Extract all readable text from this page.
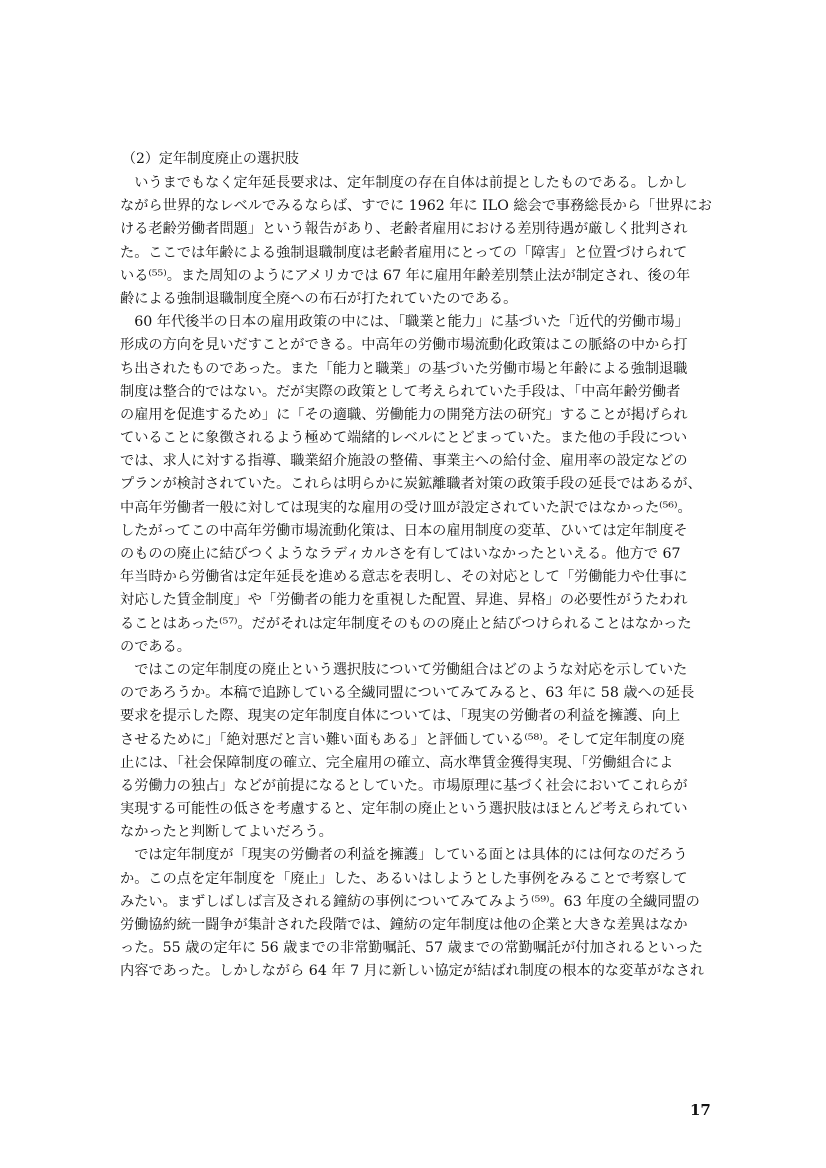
（2）定年制度廃止の選択肢
　いうまでもなく定年延長要求は、定年制度の存在自体は前提としたものである。しかし
ながら世界的なレベルでみるならば、すでに 1962 年に ILO 総会で事務総長から「世界にお
ける老齢労働者問題」という報告があり、老齢者雇用における差別待遇が厳しく批判され
た。ここでは年齢による強制退職制度は老齢者雇用にとっての「障害」と位置づけられて
いる⁽⁵⁵⁾。また周知のようにアメリカでは 67 年に雇用年齢差別禁止法が制定され、後の年
齢による強制退職制度全廃への布石が打たれていたのである。
　60 年代後半の日本の雇用政策の中には、「職業と能力」に基づいた「近代的労働市場」
形成の方向を見いだすことができる。中高年の労働市場流動化政策はこの脈絡の中から打
ち出されたものであった。また「能力と職業」の基づいた労働市場と年齢による強制退職
制度は整合的ではない。だが実際の政策として考えられていた手段は、「中高年齢労働者
の雇用を促進するため」に「その適職、労働能力の開発方法の研究」することが掲げられ
ていることに象徴されるよう極めて端緒的レベルにとどまっていた。また他の手段につい
では、求人に対する指導、職業紹介施設の整備、事業主への給付金、雇用率の設定などの
プランが検討されていた。これらは明らかに炭鉱離職者対策の政策手段の延長ではあるが、
中高年労働者一般に対しては現実的な雇用の受け皿が設定されていた訳ではなかった⁽⁵⁶⁾。
したがってこの中高年労働市場流動化策は、日本の雇用制度の変革、ひいては定年制度そ
のものの廃止に結びつくようなラディカルさを有してはいなかったといえる。他方で 67
年当時から労働省は定年延長を進める意志を表明し、その対応として「労働能力や仕事に
対応した賃金制度」や「労働者の能力を重視した配置、昇進、昇格」の必要性がうたわれ
ることはあった⁽⁵⁷⁾。だがそれは定年制度そのものの廃止と結びつけられることはなかった
のである。
　ではこの定年制度の廃止という選択肢について労働組合はどのような対応を示していた
のであろうか。本稿で追跡している全繊同盟についてみてみると、63 年に 58 歳への延長
要求を提示した際、現実の定年制度自体については、「現実の労働者の利益を擁護、向上
させるために」「絶対悪だと言い難い面もある」と評価している⁽⁵⁸⁾。そして定年制度の廃
止には、「社会保障制度の確立、完全雇用の確立、高水準賃金獲得実現、「労働組合によ
る労働力の独占」などが前提になるとしていた。市場原理に基づく社会においてこれらが
実現する可能性の低さを考慮すると、定年制の廃止という選択肢はほとんど考えられてい
なかったと判断してよいだろう。
　では定年制度が「現実の労働者の利益を擁護」している面とは具体的には何なのだろう
か。この点を定年制度を「廃止」した、あるいはしようとした事例をみることで考察して
みたい。まずしばしば言及される鐘紡の事例についてみてみよう⁽⁵⁹⁾。63 年度の全繊同盟の
労働協約統一闘争が集計された段階では、鐘紡の定年制度は他の企業と大きな差異はなか
った。55 歳の定年に 56 歳までの非常勤嘱託、57 歳までの常勤嘱託が付加されるといった
内容であった。しかしながら 64 年 7 月に新しい協定が結ばれ制度の根本的な変革がなされ
17
